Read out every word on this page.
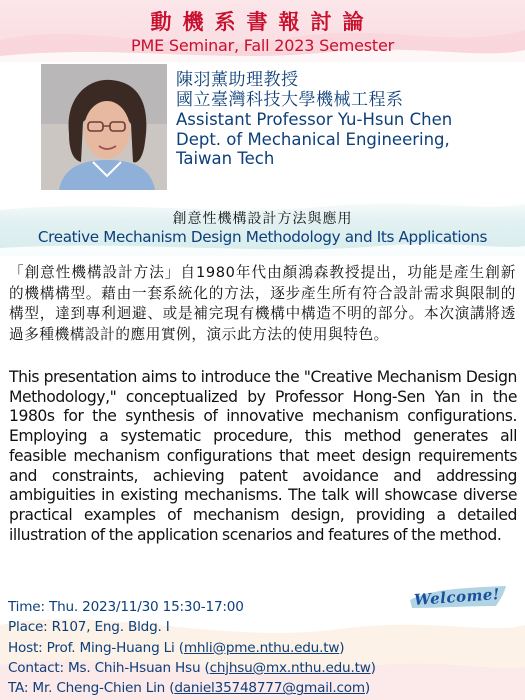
動機系書報討論
PME Seminar, Fall 2023 Semester
陳羽薰助理教授
國立臺灣科技大學機械工程系
Assistant Professor Yu-Hsun Chen
Dept. of Mechanical Engineering,
Taiwan Tech
創意性機構設計方法與應用
Creative Mechanism Design Methodology and Its Applications
「創意性機構設計方法」自1980年代由顏鴻森教授提出，功能是產生創新的機構構型。藉由一套系統化的方法，逐步產生所有符合設計需求與限制的構型，達到專利迴避、或是補完現有機構中構造不明的部分。本次演講將透過多種機構設計的應用實例，演示此方法的使用與特色。
This presentation aims to introduce the "Creative Mechanism Design Methodology," conceptualized by Professor Hong-Sen Yan in the 1980s for the synthesis of innovative mechanism configurations. Employing a systematic procedure, this method generates all feasible mechanism configurations that meet design requirements and constraints, achieving patent avoidance and addressing ambiguities in existing mechanisms. The talk will showcase diverse practical examples of mechanism design, providing a detailed illustration of the application scenarios and features of the method.
Welcome!
Time: Thu. 2023/11/30 15:30-17:00
Place: R107, Eng. Bldg. I
Host: Prof. Ming-Huang Li (mhli@pme.nthu.edu.tw)
Contact: Ms. Chih-Hsuan Hsu (chjhsu@mx.nthu.edu.tw)
TA: Mr. Cheng-Chien Lin (daniel35748777@gmail.com)
